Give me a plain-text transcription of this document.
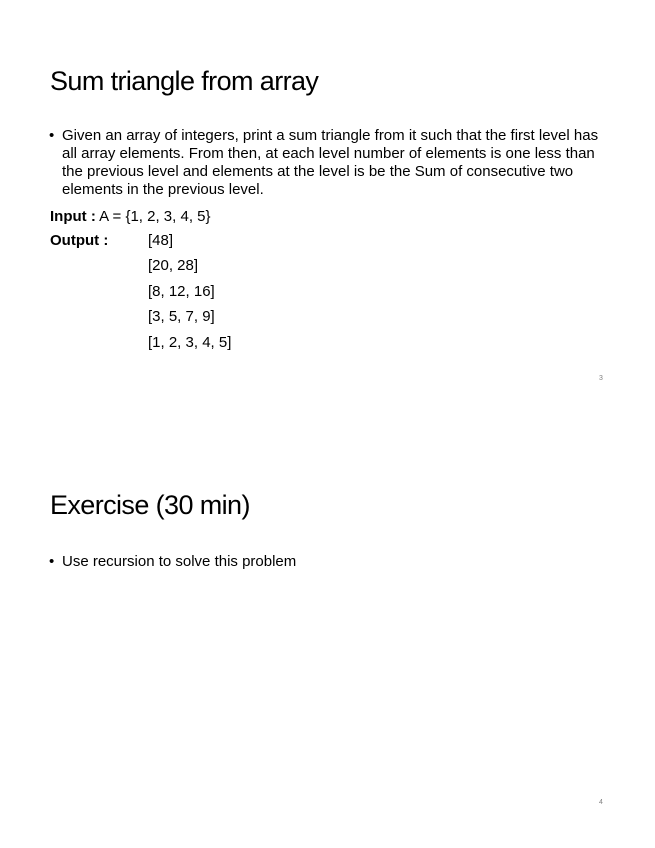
Sum triangle from array
• Given an array of integers, print a sum triangle from it such that the first level has all array elements. From then, at each level number of elements is one less than the previous level and elements at the level is be the Sum of consecutive two elements in the previous level.
Input : A = {1, 2, 3, 4, 5}
Output :	[48]
[20, 28]
[8, 12, 16]
[3, 5, 7, 9]
[1, 2, 3, 4, 5]
3
Exercise (30 min)
• Use recursion to solve this problem
4
